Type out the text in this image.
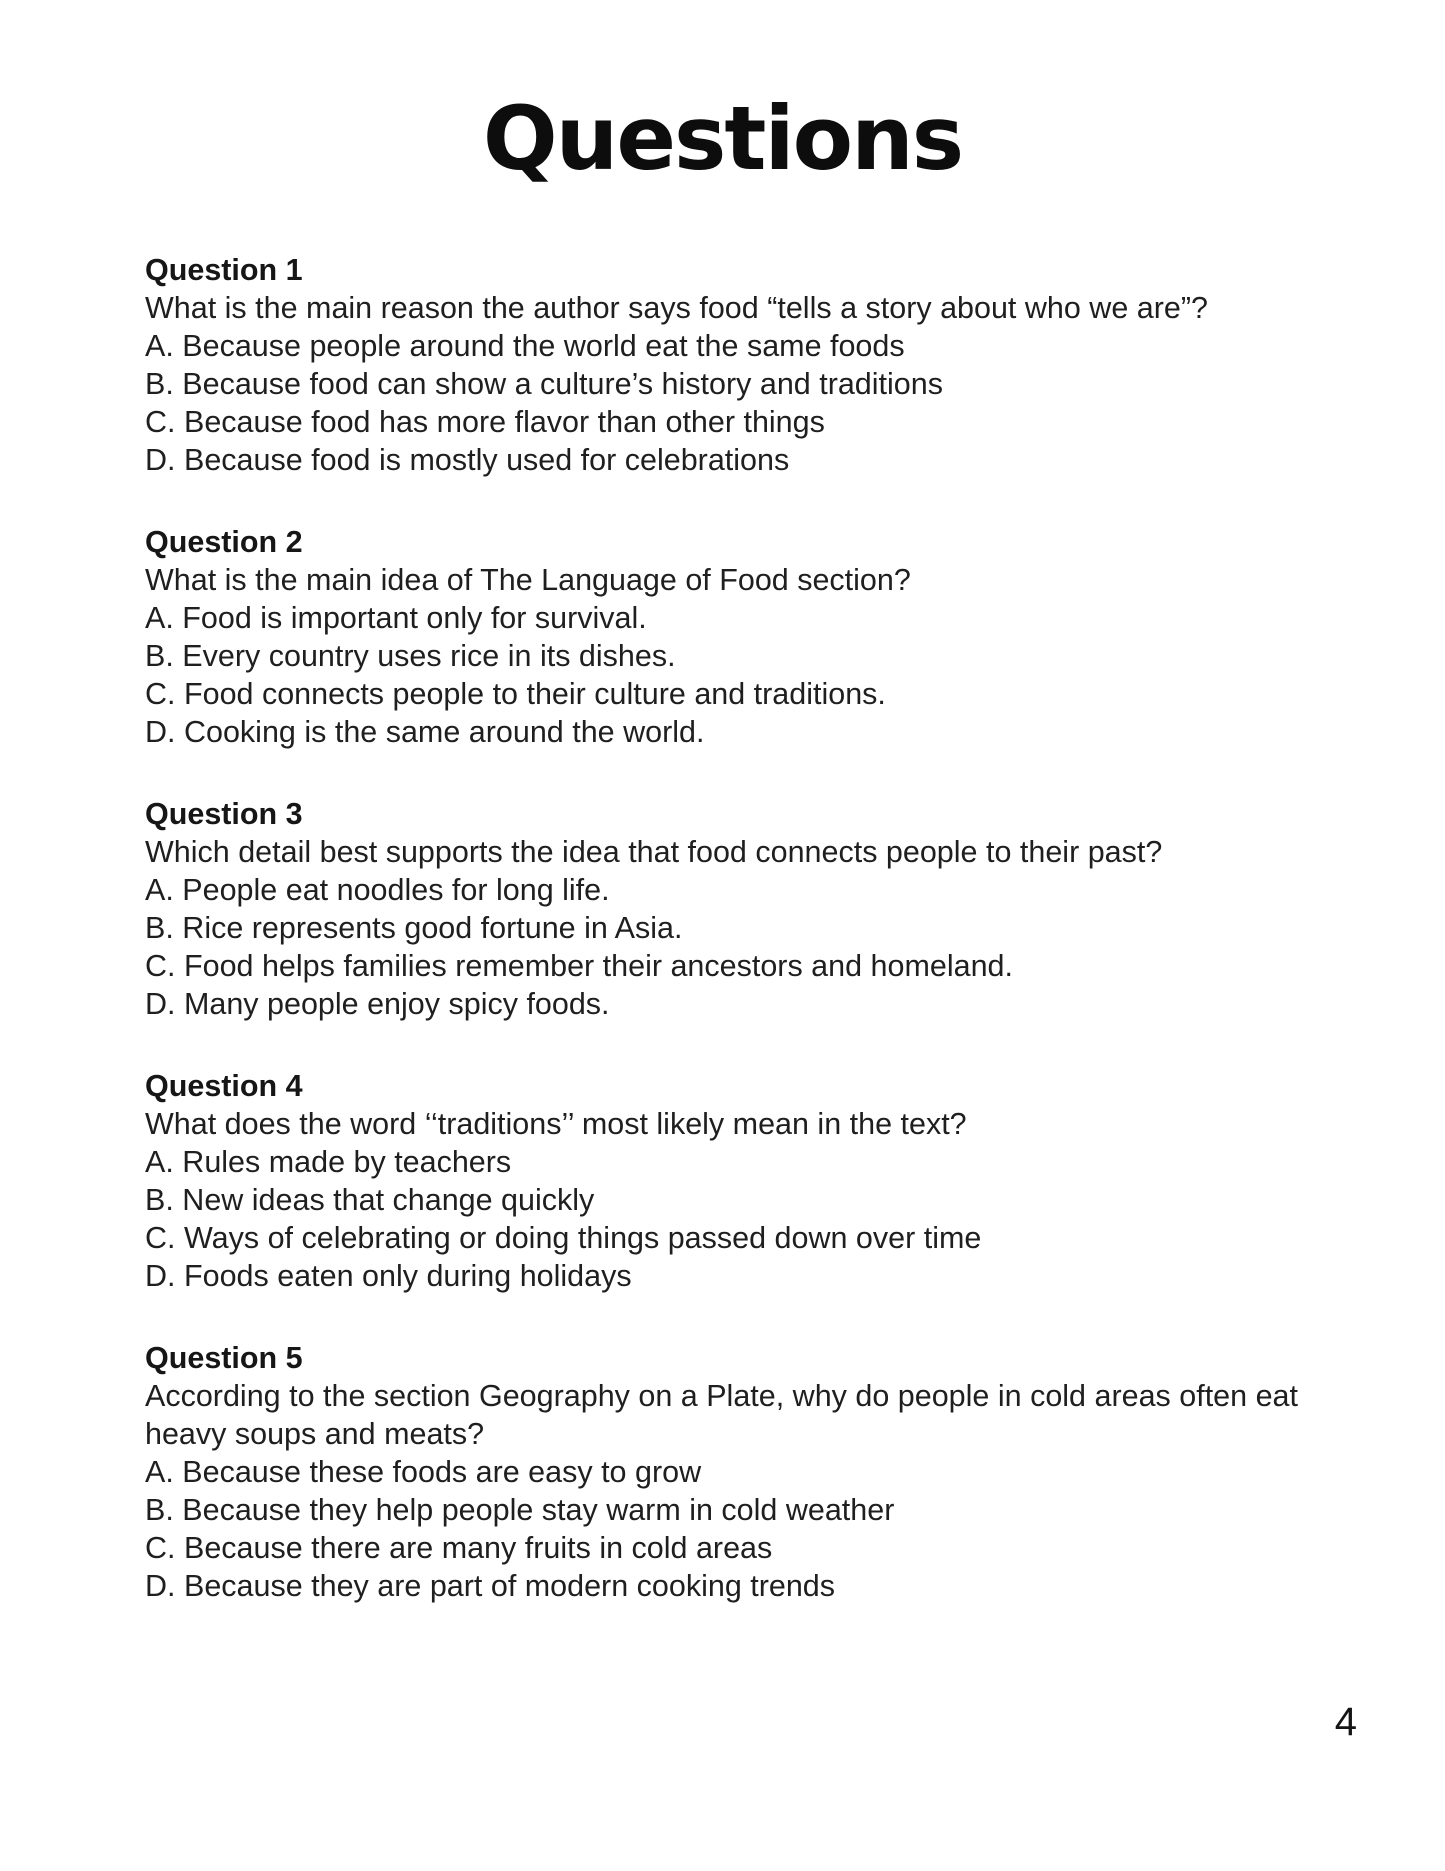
Questions
Question 1
What is the main reason the author says food “tells a story about who we are”?
A. Because people around the world eat the same foods
B. Because food can show a culture’s history and traditions
C. Because food has more flavor than other things
D. Because food is mostly used for celebrations
Question 2
What is the main idea of The Language of Food section?
A. Food is important only for survival.
B. Every country uses rice in its dishes.
C. Food connects people to their culture and traditions.
D. Cooking is the same around the world.
Question 3
Which detail best supports the idea that food connects people to their past?
A. People eat noodles for long life.
B. Rice represents good fortune in Asia.
C. Food helps families remember their ancestors and homeland.
D. Many people enjoy spicy foods.
Question 4
What does the word ‘‘traditions’’ most likely mean in the text?
A. Rules made by teachers
B. New ideas that change quickly
C. Ways of celebrating or doing things passed down over time
D. Foods eaten only during holidays
Question 5
According to the section Geography on a Plate, why do people in cold areas often eat heavy soups and meats?
A. Because these foods are easy to grow
B. Because they help people stay warm in cold weather
C. Because there are many fruits in cold areas
D. Because they are part of modern cooking trends
4
